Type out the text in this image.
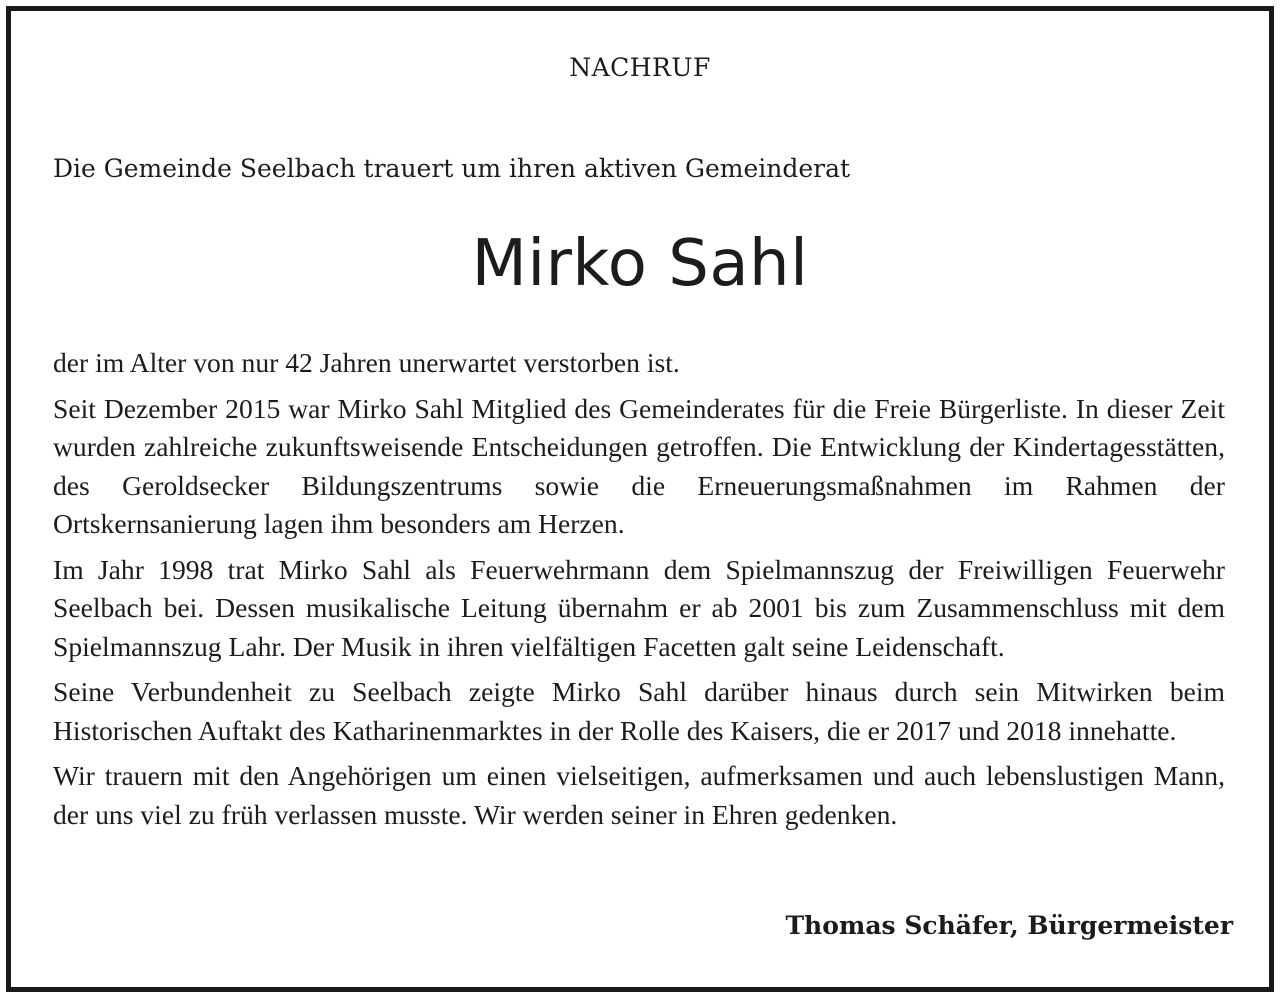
NACHRUF
Die Gemeinde Seelbach trauert um ihren aktiven Gemeinderat
Mirko Sahl

der im Alter von nur 42 Jahren unerwartet verstorben ist.

Seit Dezember 2015 war Mirko Sahl Mitglied des Gemeinderates für die Freie Bürgerliste. In dieser Zeit wurden zahlreiche zukunftsweisende Entscheidungen getroffen. Die Entwicklung der Kindertagesstätten, des Geroldsecker Bildungszentrums sowie die Erneuerungsmaßnahmen im Rahmen der Ortskernsanierung lagen ihm besonders am Herzen.

Im Jahr 1998 trat Mirko Sahl als Feuerwehrmann dem Spielmannszug der Freiwilligen Feuerwehr Seelbach bei. Dessen musikalische Leitung übernahm er ab 2001 bis zum Zusammenschluss mit dem Spielmannszug Lahr. Der Musik in ihren vielfältigen Facetten galt seine Leidenschaft.

Seine Verbundenheit zu Seelbach zeigte Mirko Sahl darüber hinaus durch sein Mitwirken beim Historischen Auftakt des Katharinenmarktes in der Rolle des Kaisers, die er 2017 und 2018 innehatte.

Wir trauern mit den Angehörigen um einen vielseitigen, aufmerksamen und auch lebenslustigen Mann, der uns viel zu früh verlassen musste. Wir werden seiner in Ehren gedenken.

Thomas Schäfer, Bürgermeister
